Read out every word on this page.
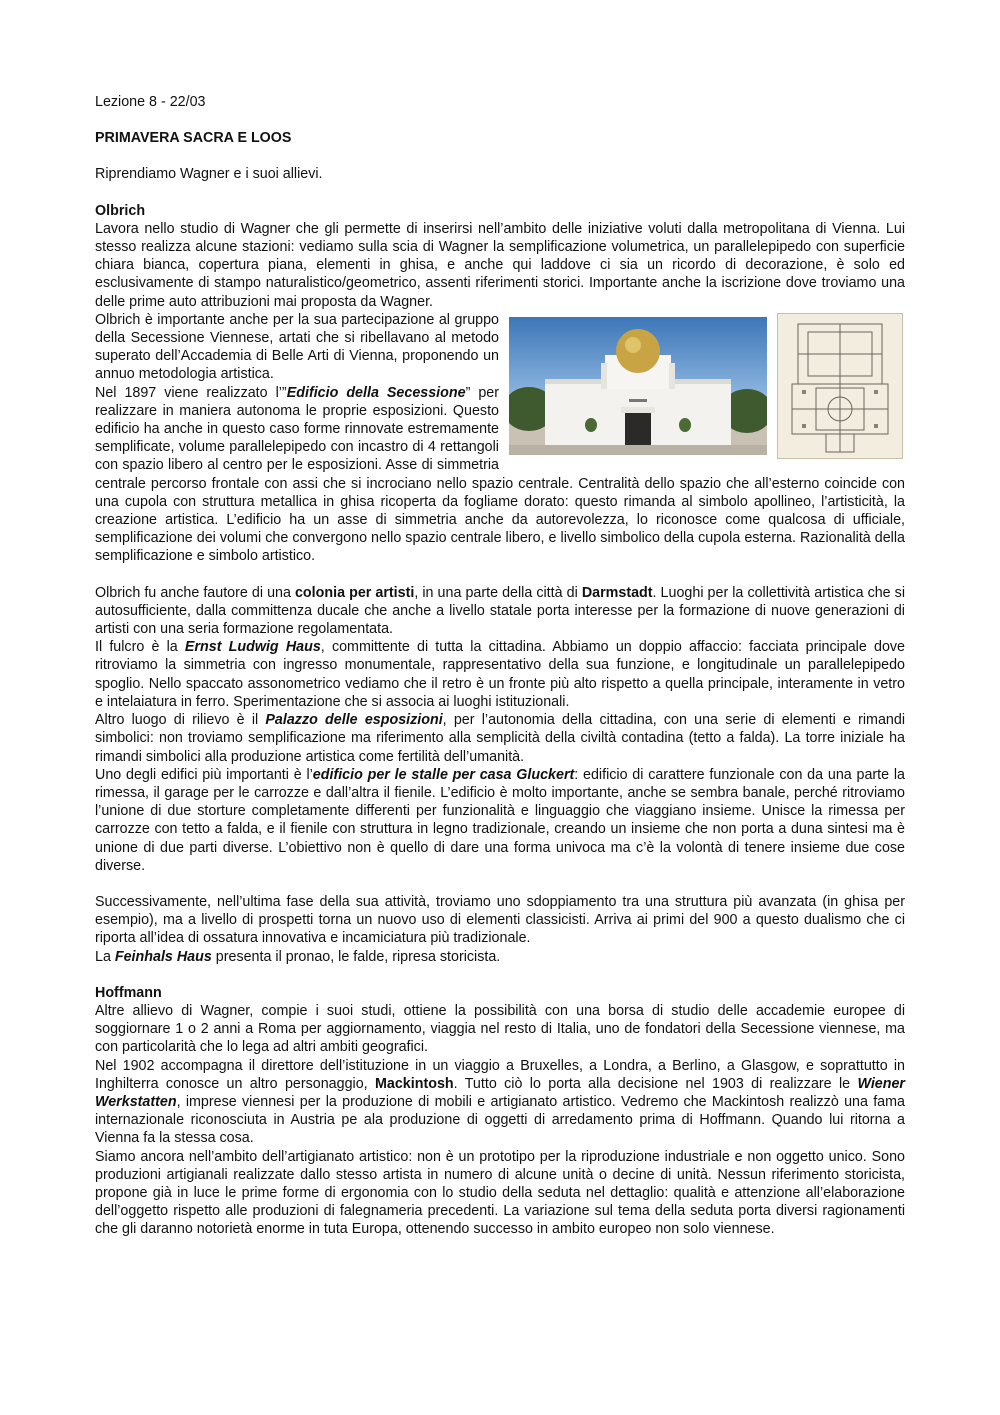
Lezione 8 - 22/03

PRIMAVERA SACRA E LOOS

Riprendiamo Wagner e i suoi allievi.

Olbrich

Lavora nello studio di Wagner che gli permette di inserirsi nell’ambito delle iniziative voluti dalla metropolitana di Vienna. Lui stesso realizza alcune stazioni: vediamo sulla scia di Wagner la semplificazione volumetrica, un parallelepipedo con superficie chiara bianca, copertura piana, elementi in ghisa, e anche qui laddove ci sia un ricordo di decorazione, è solo ed esclusivamente di stampo naturalistico/geometrico, assenti riferimenti storici. Importante anche la iscrizione dove troviamo una delle prime auto attribuzioni mai proposta da Wagner.

Olbrich è importante anche per la sua partecipazione al gruppo della Secessione Viennese, artati che si ribellavano al metodo superato dell’Accademia di Belle Arti di Vienna, proponendo un annuo metodologia artistica.
Nel 1897 viene realizzato l’”Edificio della Secessione” per realizzare in maniera autonoma le proprie esposizioni. Questo edificio ha anche in questo caso forme rinnovate estremamente semplificate, volume parallelepipedo con incastro di 4 rettangoli con spazio libero al centro per le esposizioni. Asse di simmetria centrale percorso frontale con assi che si incrociano nello spazio centrale. Centralità dello spazio che all’esterno coincide con una cupola con struttura metallica in ghisa ricoperta da fogliame dorato: questo rimanda al simbolo apollineo, l’artisticità, la creazione artistica. L’edificio ha un asse di simmetria anche da autorevolezza, lo riconosce come qualcosa di ufficiale, semplificazione dei volumi che convergono nello spazio centrale libero, e livello simbolico della cupola esterna. Razionalità della semplificazione e simbolo artistico.

Olbrich fu anche fautore di una colonia per artisti, in una parte della città di Darmstadt. Luoghi per la collettività artistica che si autosufficiente, dalla committenza ducale che anche a livello statale porta interesse per la formazione di nuove generazioni di artisti con una seria formazione regolamentata.

Il fulcro è la Ernst Ludwig Haus, committente di tutta la cittadina. Abbiamo un doppio affaccio: facciata principale dove ritroviamo la simmetria con ingresso monumentale, rappresentativo della sua funzione, e longitudinale un parallelepipedo spoglio. Nello spaccato assonometrico vediamo che il retro è un fronte più alto rispetto a quella principale, interamente in vetro e intelaiatura in ferro. Sperimentazione che si associa ai luoghi istituzionali.

Altro luogo di rilievo è il Palazzo delle esposizioni, per l’autonomia della cittadina, con una serie di elementi e rimandi simbolici: non troviamo semplificazione ma riferimento alla semplicità della civiltà contadina (tetto a falda). La torre iniziale ha rimandi simbolici alla produzione artistica come fertilità dell’umanità.

Uno degli edifici più importanti è l’edificio per le stalle per casa Gluckert: edificio di carattere funzionale con da una parte la rimessa, il garage per le carrozze e dall’altra il fienile. L’edificio è molto importante, anche se sembra banale, perché ritroviamo l’unione di due storture completamente differenti per funzionalità e linguaggio che viaggiano insieme. Unisce la rimessa per carrozze con tetto a falda, e il fienile con struttura in legno tradizionale, creando un insieme che non porta a duna sintesi ma è unione di due parti diverse. L’obiettivo non è quello di dare una forma univoca ma c’è la volontà di tenere insieme due cose diverse.

Successivamente, nell’ultima fase della sua attività, troviamo uno sdoppiamento tra una struttura più avanzata (in ghisa per esempio), ma a livello di prospetti torna un nuovo uso di elementi classicisti. Arriva ai primi del 900 a questo dualismo che ci riporta all’idea di ossatura innovativa e incamiciatura più tradizionale.

La Feinhals Haus presenta il pronao, le falde, ripresa storicista.

Hoffmann

Altre allievo di Wagner, compie i suoi studi, ottiene la possibilità con una borsa di studio delle accademie europee di soggiornare 1 o 2 anni a Roma per aggiornamento, viaggia nel resto di Italia, uno de fondatori della Secessione viennese, ma con particolarità che lo lega ad altri ambiti geografici.

Nel 1902 accompagna il direttore dell’istituzione in un viaggio a Bruxelles, a Londra, a Berlino, a Glasgow, e soprattutto in Inghilterra conosce un altro personaggio, Mackintosh. Tutto ciò lo porta alla decisione nel 1903 di realizzare le Wiener Werkstatten, imprese viennesi per la produzione di mobili e artigianato artistico. Vedremo che Mackintosh realizzò una fama internazionale riconosciuta in Austria pe ala produzione di oggetti di arredamento prima di Hoffmann. Quando lui ritorna a Vienna fa la stessa cosa.

Siamo ancora nell’ambito dell’artigianato artistico: non è un prototipo per la riproduzione industriale e non oggetto unico. Sono produzioni artigianali realizzate dallo stesso artista in numero di alcune unità o decine di unità. Nessun riferimento storicista, propone già in luce le prime forme di ergonomia con lo studio della seduta nel dettaglio: qualità e attenzione all’elaborazione dell’oggetto rispetto alle produzioni di falegnameria precedenti. La variazione sul tema della seduta porta diversi ragionamenti che gli daranno notorietà enorme in tuta Europa, ottenendo successo in ambito europeo non solo viennese.
